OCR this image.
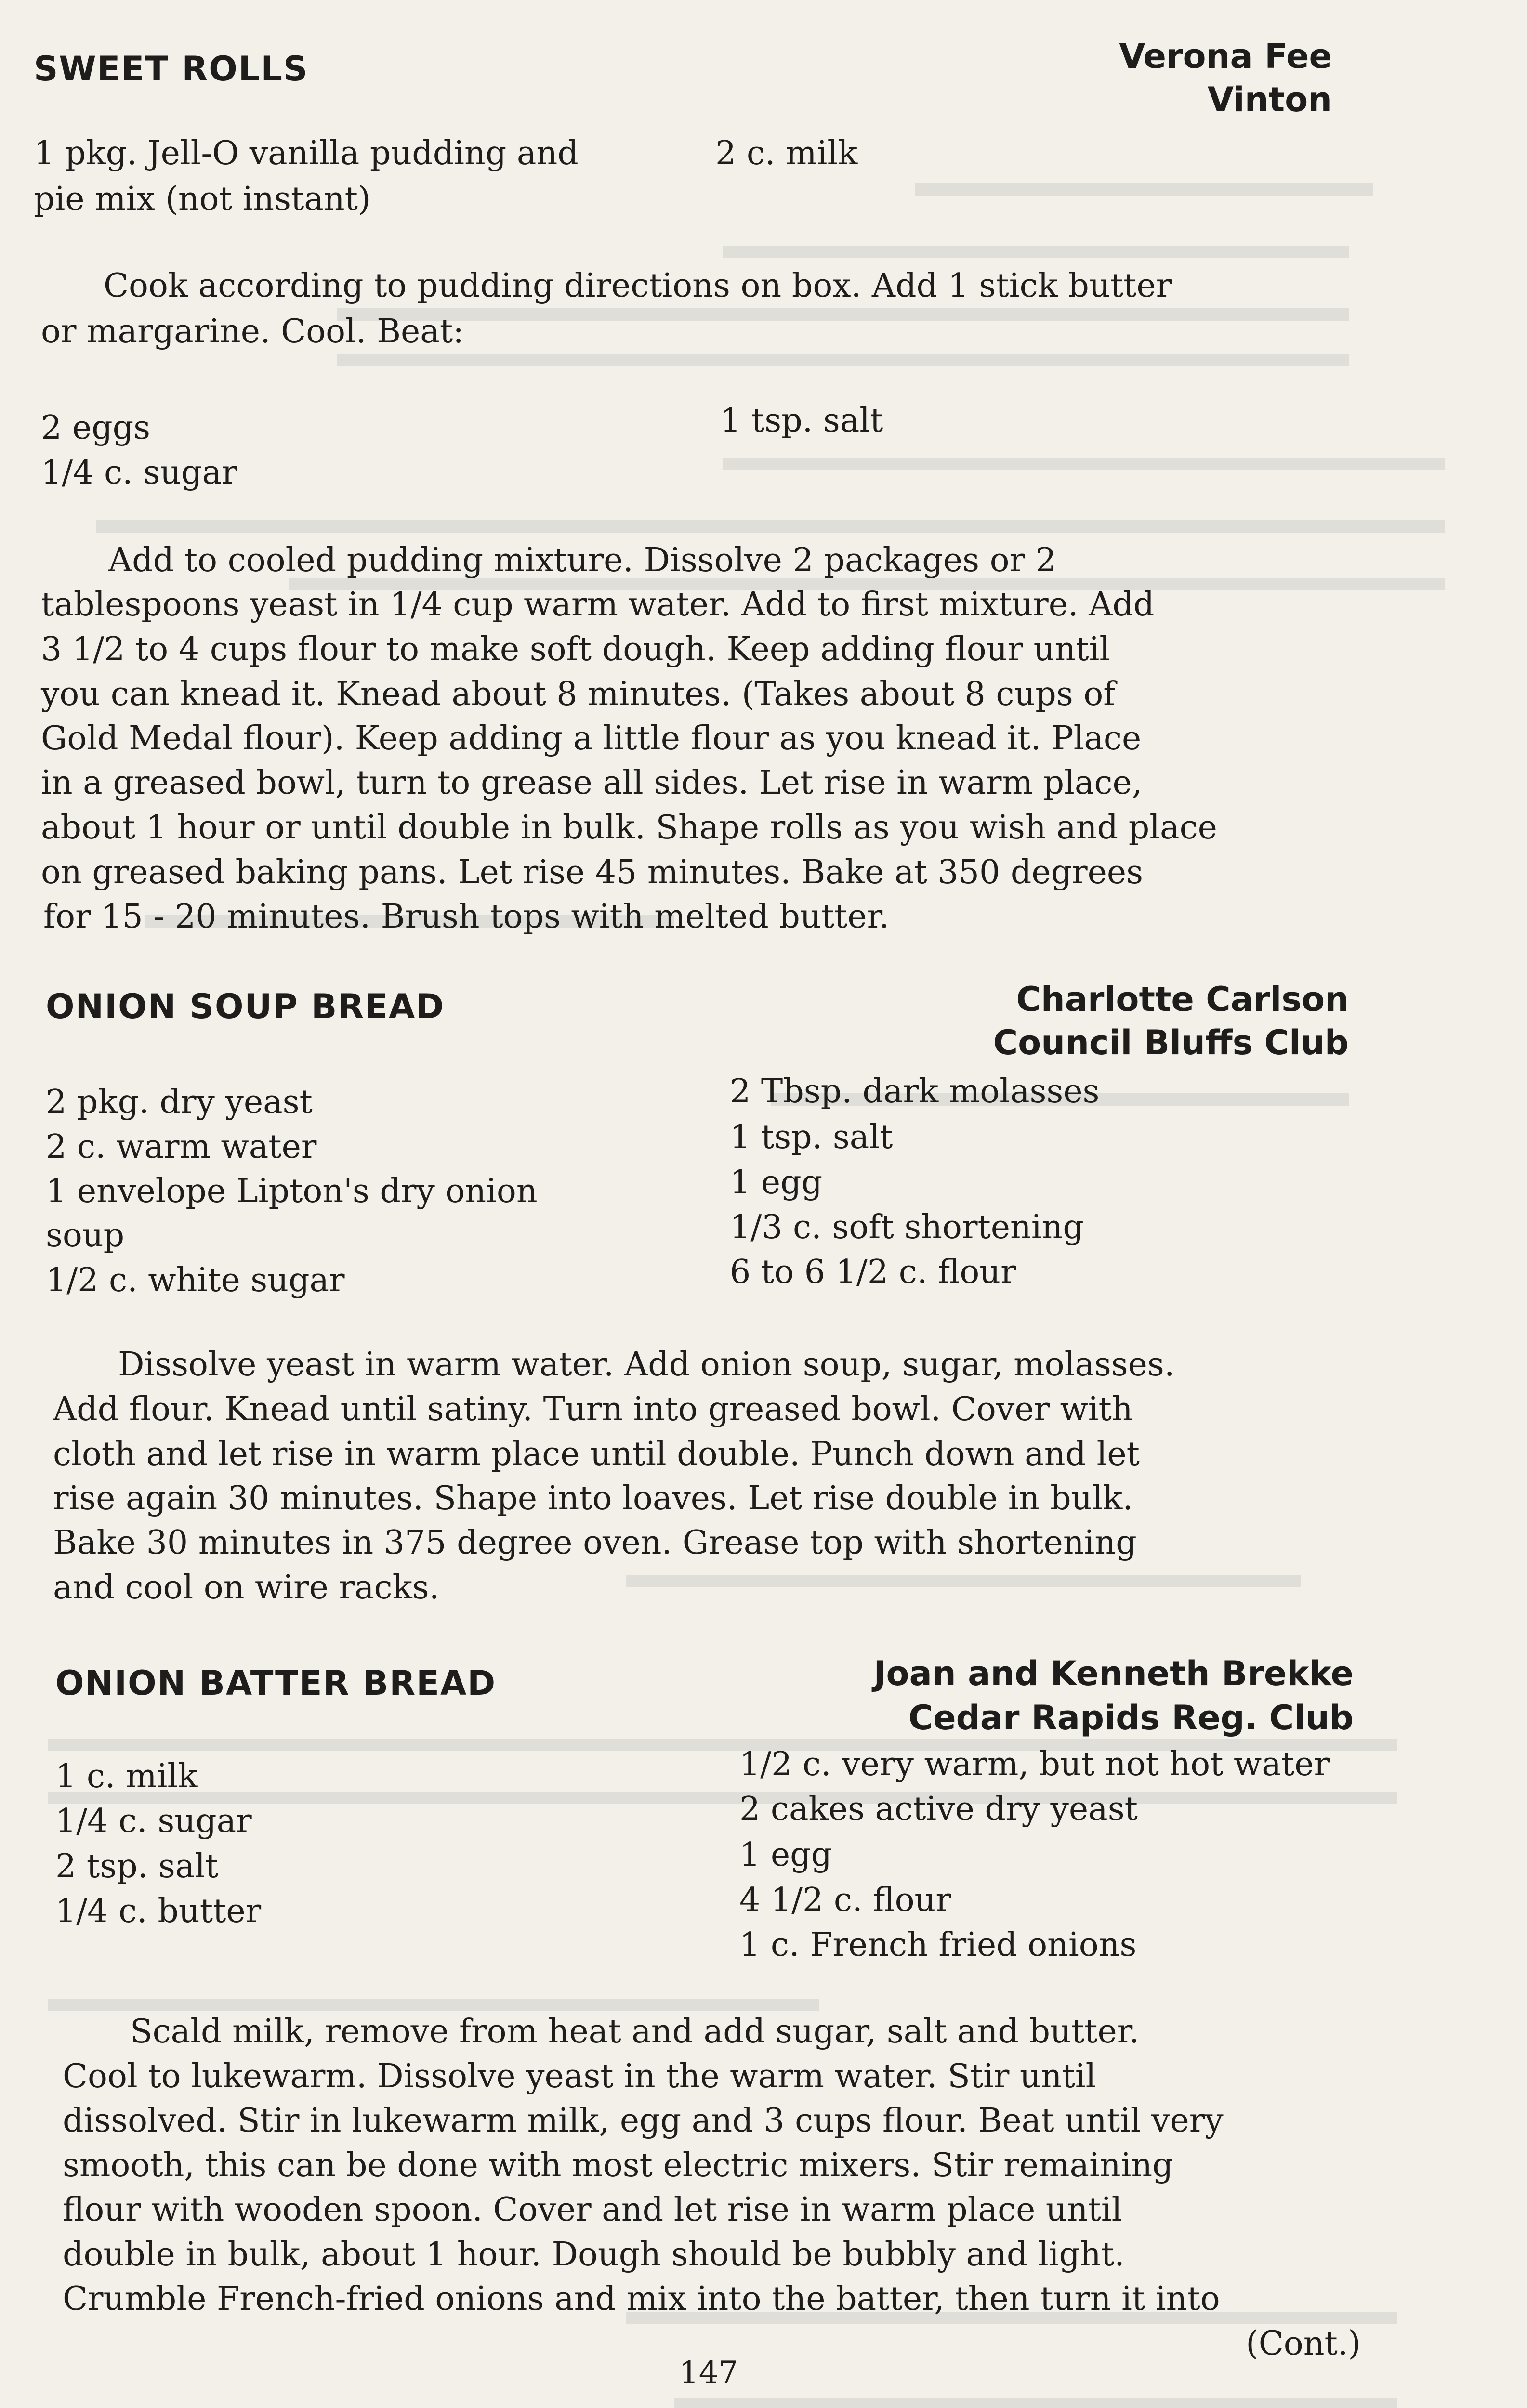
SWEET ROLLS	Verona Fee
Vinton
1 pkg. Jell-O vanilla pudding and
pie mix (not instant)
2 c. milk
Cook according to pudding directions on box. Add 1 stick butter
or margarine. Cool. Beat:
2 eggs
1/4 c. sugar
1 tsp. salt
Add to cooled pudding mixture. Dissolve 2 packages or 2
tablespoons yeast in 1/4 cup warm water. Add to first mixture. Add
3 1/2 to 4 cups flour to make soft dough. Keep adding flour until
you can knead it. Knead about 8 minutes. (Takes about 8 cups of
Gold Medal flour). Keep adding a little flour as you knead it. Place
in a greased bowl, turn to grease all sides. Let rise in warm place,
about 1 hour or until double in bulk. Shape rolls as you wish and place
on greased baking pans. Let rise 45 minutes. Bake at 350 degrees
for 15 - 20 minutes. Brush tops with melted butter.
ONION SOUP BREAD	Charlotte Carlson
Council Bluffs Club
2 pkg. dry yeast
2 c. warm water
1 envelope Lipton's dry onion
soup
1/2 c. white sugar
2 Tbsp. dark molasses
1 tsp. salt
1 egg
1/3 c. soft shortening
6 to 6 1/2 c. flour
Dissolve yeast in warm water. Add onion soup, sugar, molasses.
Add flour. Knead until satiny. Turn into greased bowl. Cover with
cloth and let rise in warm place until double. Punch down and let
rise again 30 minutes. Shape into loaves. Let rise double in bulk.
Bake 30 minutes in 375 degree oven. Grease top with shortening
and cool on wire racks.
ONION BATTER BREAD	Joan and Kenneth Brekke
Cedar Rapids Reg. Club
1 c. milk
1/4 c. sugar
2 tsp. salt
1/4 c. butter
1/2 c. very warm, but not hot water
2 cakes active dry yeast
1 egg
4 1/2 c. flour
1 c. French fried onions
Scald milk, remove from heat and add sugar, salt and butter.
Cool to lukewarm. Dissolve yeast in the warm water. Stir until
dissolved. Stir in lukewarm milk, egg and 3 cups flour. Beat until very
smooth, this can be done with most electric mixers. Stir remaining
flour with wooden spoon. Cover and let rise in warm place until
double in bulk, about 1 hour. Dough should be bubbly and light.
Crumble French-fried onions and mix into the batter, then turn it into
(Cont.)
147
